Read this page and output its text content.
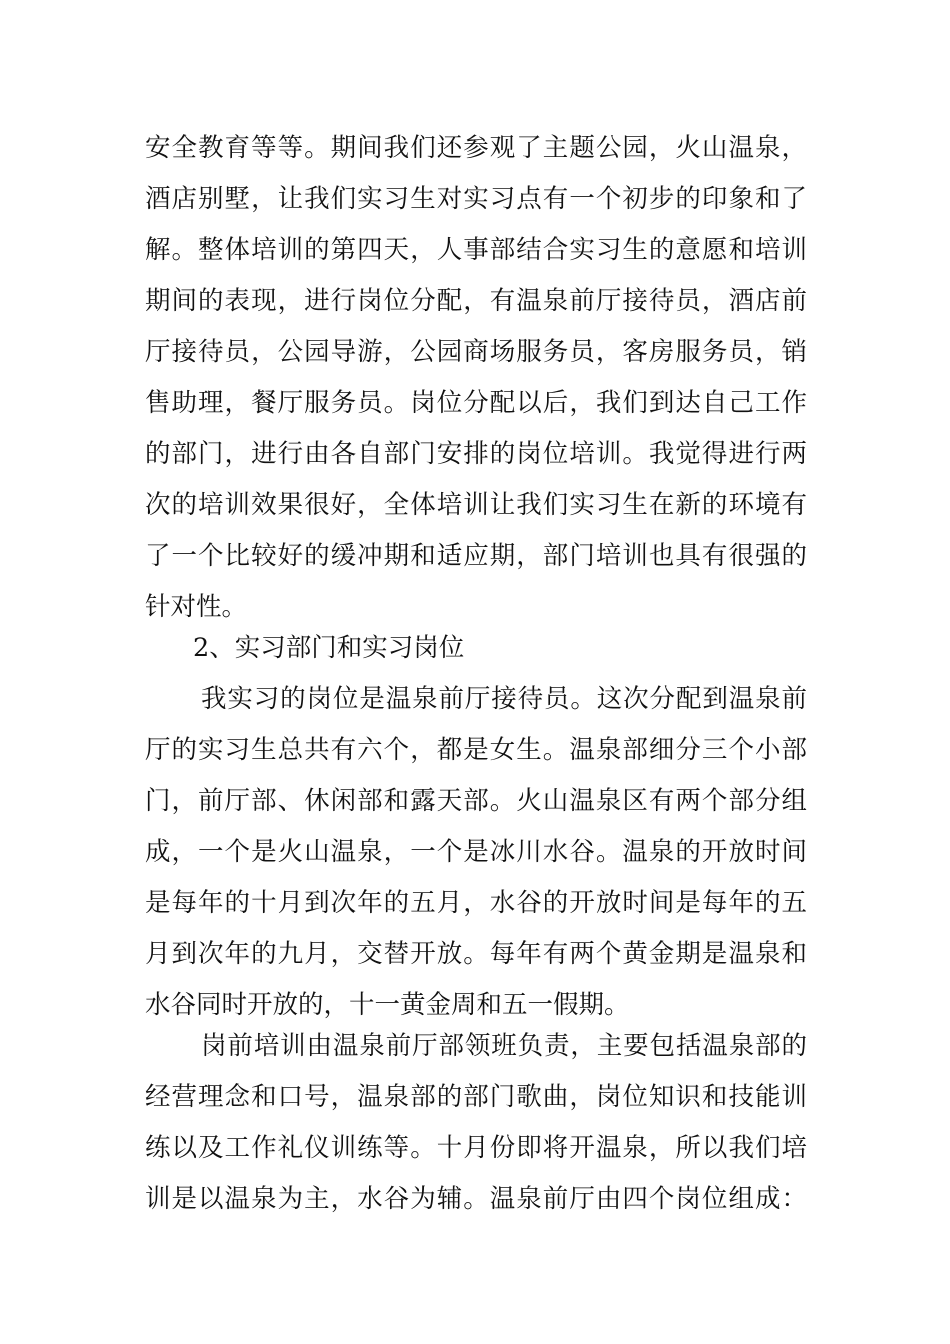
安全教育等等。期间我们还参观了主题公园，火山温泉，
酒店别墅，让我们实习生对实习点有一个初步的印象和了
解。整体培训的第四天，人事部结合实习生的意愿和培训
期间的表现，进行岗位分配，有温泉前厅接待员，酒店前
厅接待员，公园导游，公园商场服务员，客房服务员，销
售助理，餐厅服务员。岗位分配以后，我们到达自己工作
的部门，进行由各自部门安排的岗位培训。我觉得进行两
次的培训效果很好，全体培训让我们实习生在新的环境有
了一个比较好的缓冲期和适应期，部门培训也具有很强的
针对性。
2、实习部门和实习岗位
我实习的岗位是温泉前厅接待员。这次分配到温泉前
厅的实习生总共有六个，都是女生。温泉部细分三个小部
门，前厅部、休闲部和露天部。火山温泉区有两个部分组
成，一个是火山温泉，一个是冰川水谷。温泉的开放时间
是每年的十月到次年的五月，水谷的开放时间是每年的五
月到次年的九月，交替开放。每年有两个黄金期是温泉和
水谷同时开放的，十一黄金周和五一假期。
岗前培训由温泉前厅部领班负责，主要包括温泉部的
经营理念和口号，温泉部的部门歌曲，岗位知识和技能训
练以及工作礼仪训练等。十月份即将开温泉，所以我们培
训是以温泉为主，水谷为辅。温泉前厅由四个岗位组成：
